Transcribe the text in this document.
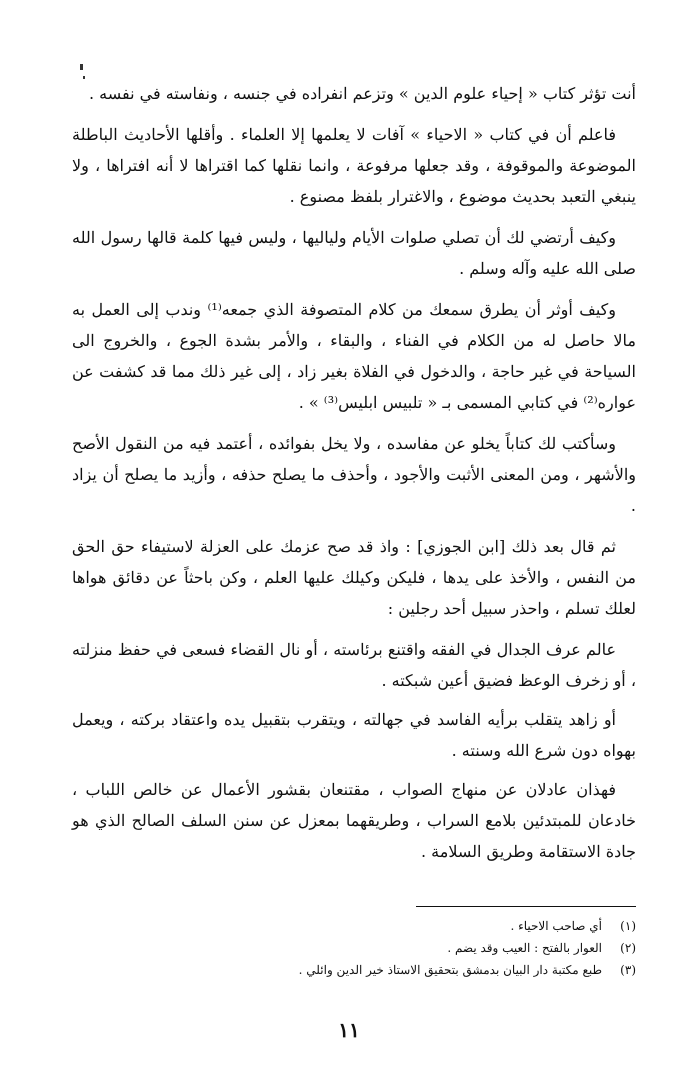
أنت تؤثر كتاب « إحياء علوم الدين » وتزعم انفراده في جنسه ، ونفاسته في نفسه .

فاعلم أن في كتاب « الاحياء » آفات لا يعلمها إلا العلماء . وأقلها الأحاديث الباطلة الموضوعة والموقوفة ، وقد جعلها مرفوعة ، وانما نقلها كما اقتراها لا أنه افتراها ، ولا ينبغي التعبد بحديث موضوع ، والاغترار بلفظ مصنوع .

وكيف أرتضي لك أن تصلي صلوات الأيام ولياليها ، وليس فيها كلمة قالها رسول الله صلى الله عليه وآله وسلم .

وكيف أوثر أن يطرق سمعك من كلام المتصوفة الذي جمعه⁽¹⁾ وندب إلى العمل به مالا حاصل له من الكلام في الفناء ، والبقاء ، والأمر بشدة الجوع ، والخروج الى السياحة في غير حاجة ، والدخول في الفلاة بغير زاد ، إلى غير ذلك مما قد كشفت عن عواره⁽²⁾ في كتابي المسمى بـ « تلبيس ابليس⁽³⁾ » .

وسأكتب لك كتاباً يخلو عن مفاسده ، ولا يخل بفوائده ، أعتمد فيه من النقول الأصح والأشهر ، ومن المعنى الأثبت والأجود ، وأحذف ما يصلح حذفه ، وأزيد ما يصلح أن يزاد .

ثم قال بعد ذلك [ابن الجوزي] : واذ قد صح عزمك على العزلة لاستيفاء حق الحق من النفس ، والأخذ على يدها ، فليكن وكيلك عليها العلم ، وكن باحثاً عن دقائق هواها لعلك تسلم ، واحذر سبيل أحد رجلين :

عالم عرف الجدال في الفقه واقتنع برئاسته ، أو نال القضاء فسعى في حفظ منزلته ، أو زخرف الوعظ فضيق أعين شبكته .

أو زاهد يتقلب برأيه الفاسد في جهالته ، ويتقرب بتقبيل يده واعتقاد بركته ، ويعمل بهواه دون شرع الله وسنته .

فهذان عادلان عن منهاج الصواب ، مقتنعان بقشور الأعمال عن خالص اللباب ، خادعان للمبتدئين بلامع السراب ، وطريقهما بمعزل عن سنن السلف الصالح الذي هو جادة الاستقامة وطريق السلامة .

(١)
أي صاحب الاحياء .
(٢)
العوار بالفتح : العيب وقد يضم .
(٣)
طبع مكتبة دار البيان بدمشق بتحقيق الاستاذ خير الدين وائلي .
١١
